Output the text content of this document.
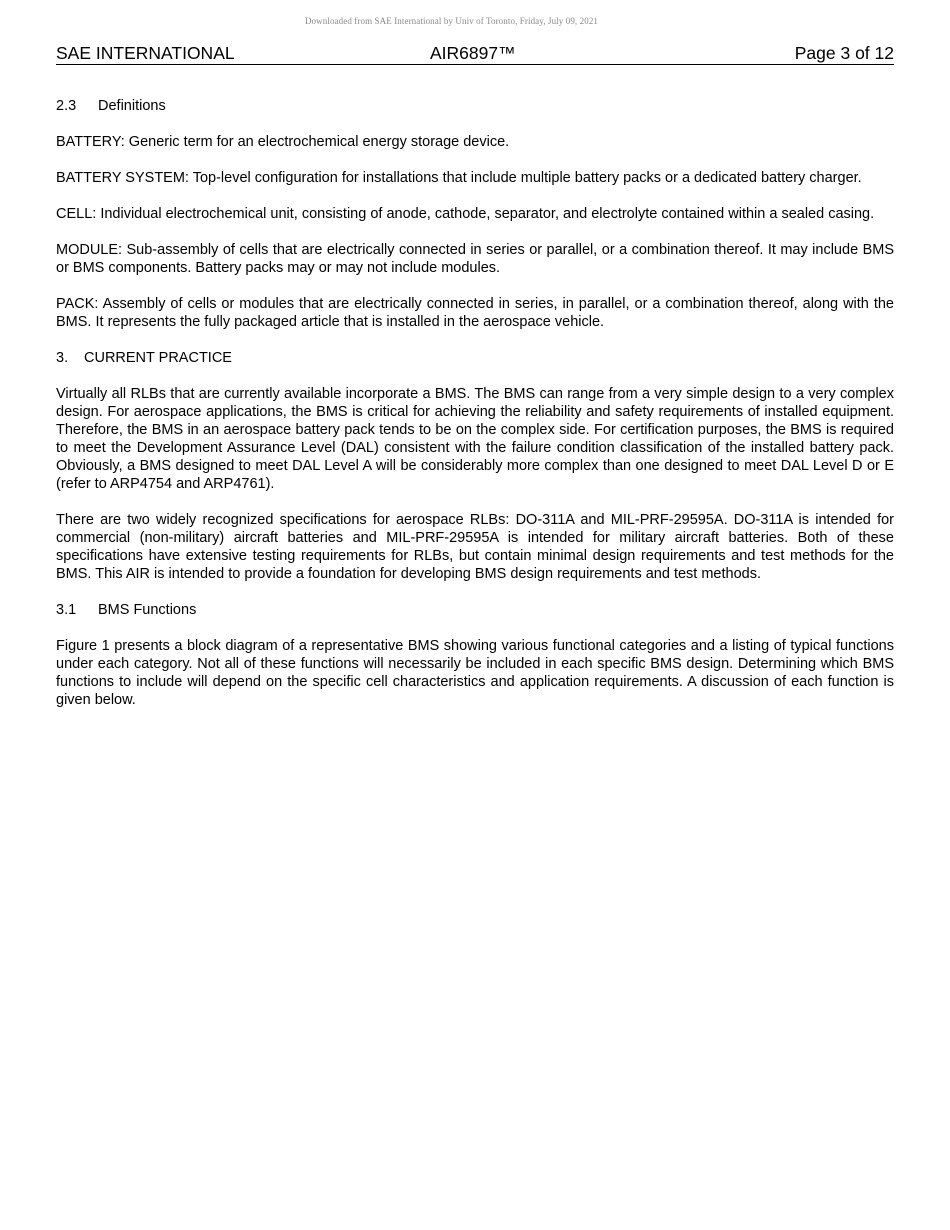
Downloaded from SAE International by Univ of Toronto, Friday, July 09, 2021
SAE INTERNATIONAL	AIR6897™	Page 3 of 12
2.3 Definitions

BATTERY: Generic term for an electrochemical energy storage device.

BATTERY SYSTEM: Top-level configuration for installations that include multiple battery packs or a dedicated battery charger.

CELL: Individual electrochemical unit, consisting of anode, cathode, separator, and electrolyte contained within a sealed casing.

MODULE: Sub-assembly of cells that are electrically connected in series or parallel, or a combination thereof. It may include BMS or BMS components. Battery packs may or may not include modules.

PACK: Assembly of cells or modules that are electrically connected in series, in parallel, or a combination thereof, along with the BMS. It represents the fully packaged article that is installed in the aerospace vehicle.

3. CURRENT PRACTICE

Virtually all RLBs that are currently available incorporate a BMS. The BMS can range from a very simple design to a very complex design. For aerospace applications, the BMS is critical for achieving the reliability and safety requirements of installed equipment. Therefore, the BMS in an aerospace battery pack tends to be on the complex side. For certification purposes, the BMS is required to meet the Development Assurance Level (DAL) consistent with the failure condition classification of the installed battery pack. Obviously, a BMS designed to meet DAL Level A will be considerably more complex than one designed to meet DAL Level D or E (refer to ARP4754 and ARP4761).

There are two widely recognized specifications for aerospace RLBs: DO-311A and MIL-PRF-29595A. DO-311A is intended for commercial (non-military) aircraft batteries and MIL-PRF-29595A is intended for military aircraft batteries. Both of these specifications have extensive testing requirements for RLBs, but contain minimal design requirements and test methods for the BMS. This AIR is intended to provide a foundation for developing BMS design requirements and test methods.

3.1 BMS Functions

Figure 1 presents a block diagram of a representative BMS showing various functional categories and a listing of typical functions under each category. Not all of these functions will necessarily be included in each specific BMS design. Determining which BMS functions to include will depend on the specific cell characteristics and application requirements. A discussion of each function is given below.
